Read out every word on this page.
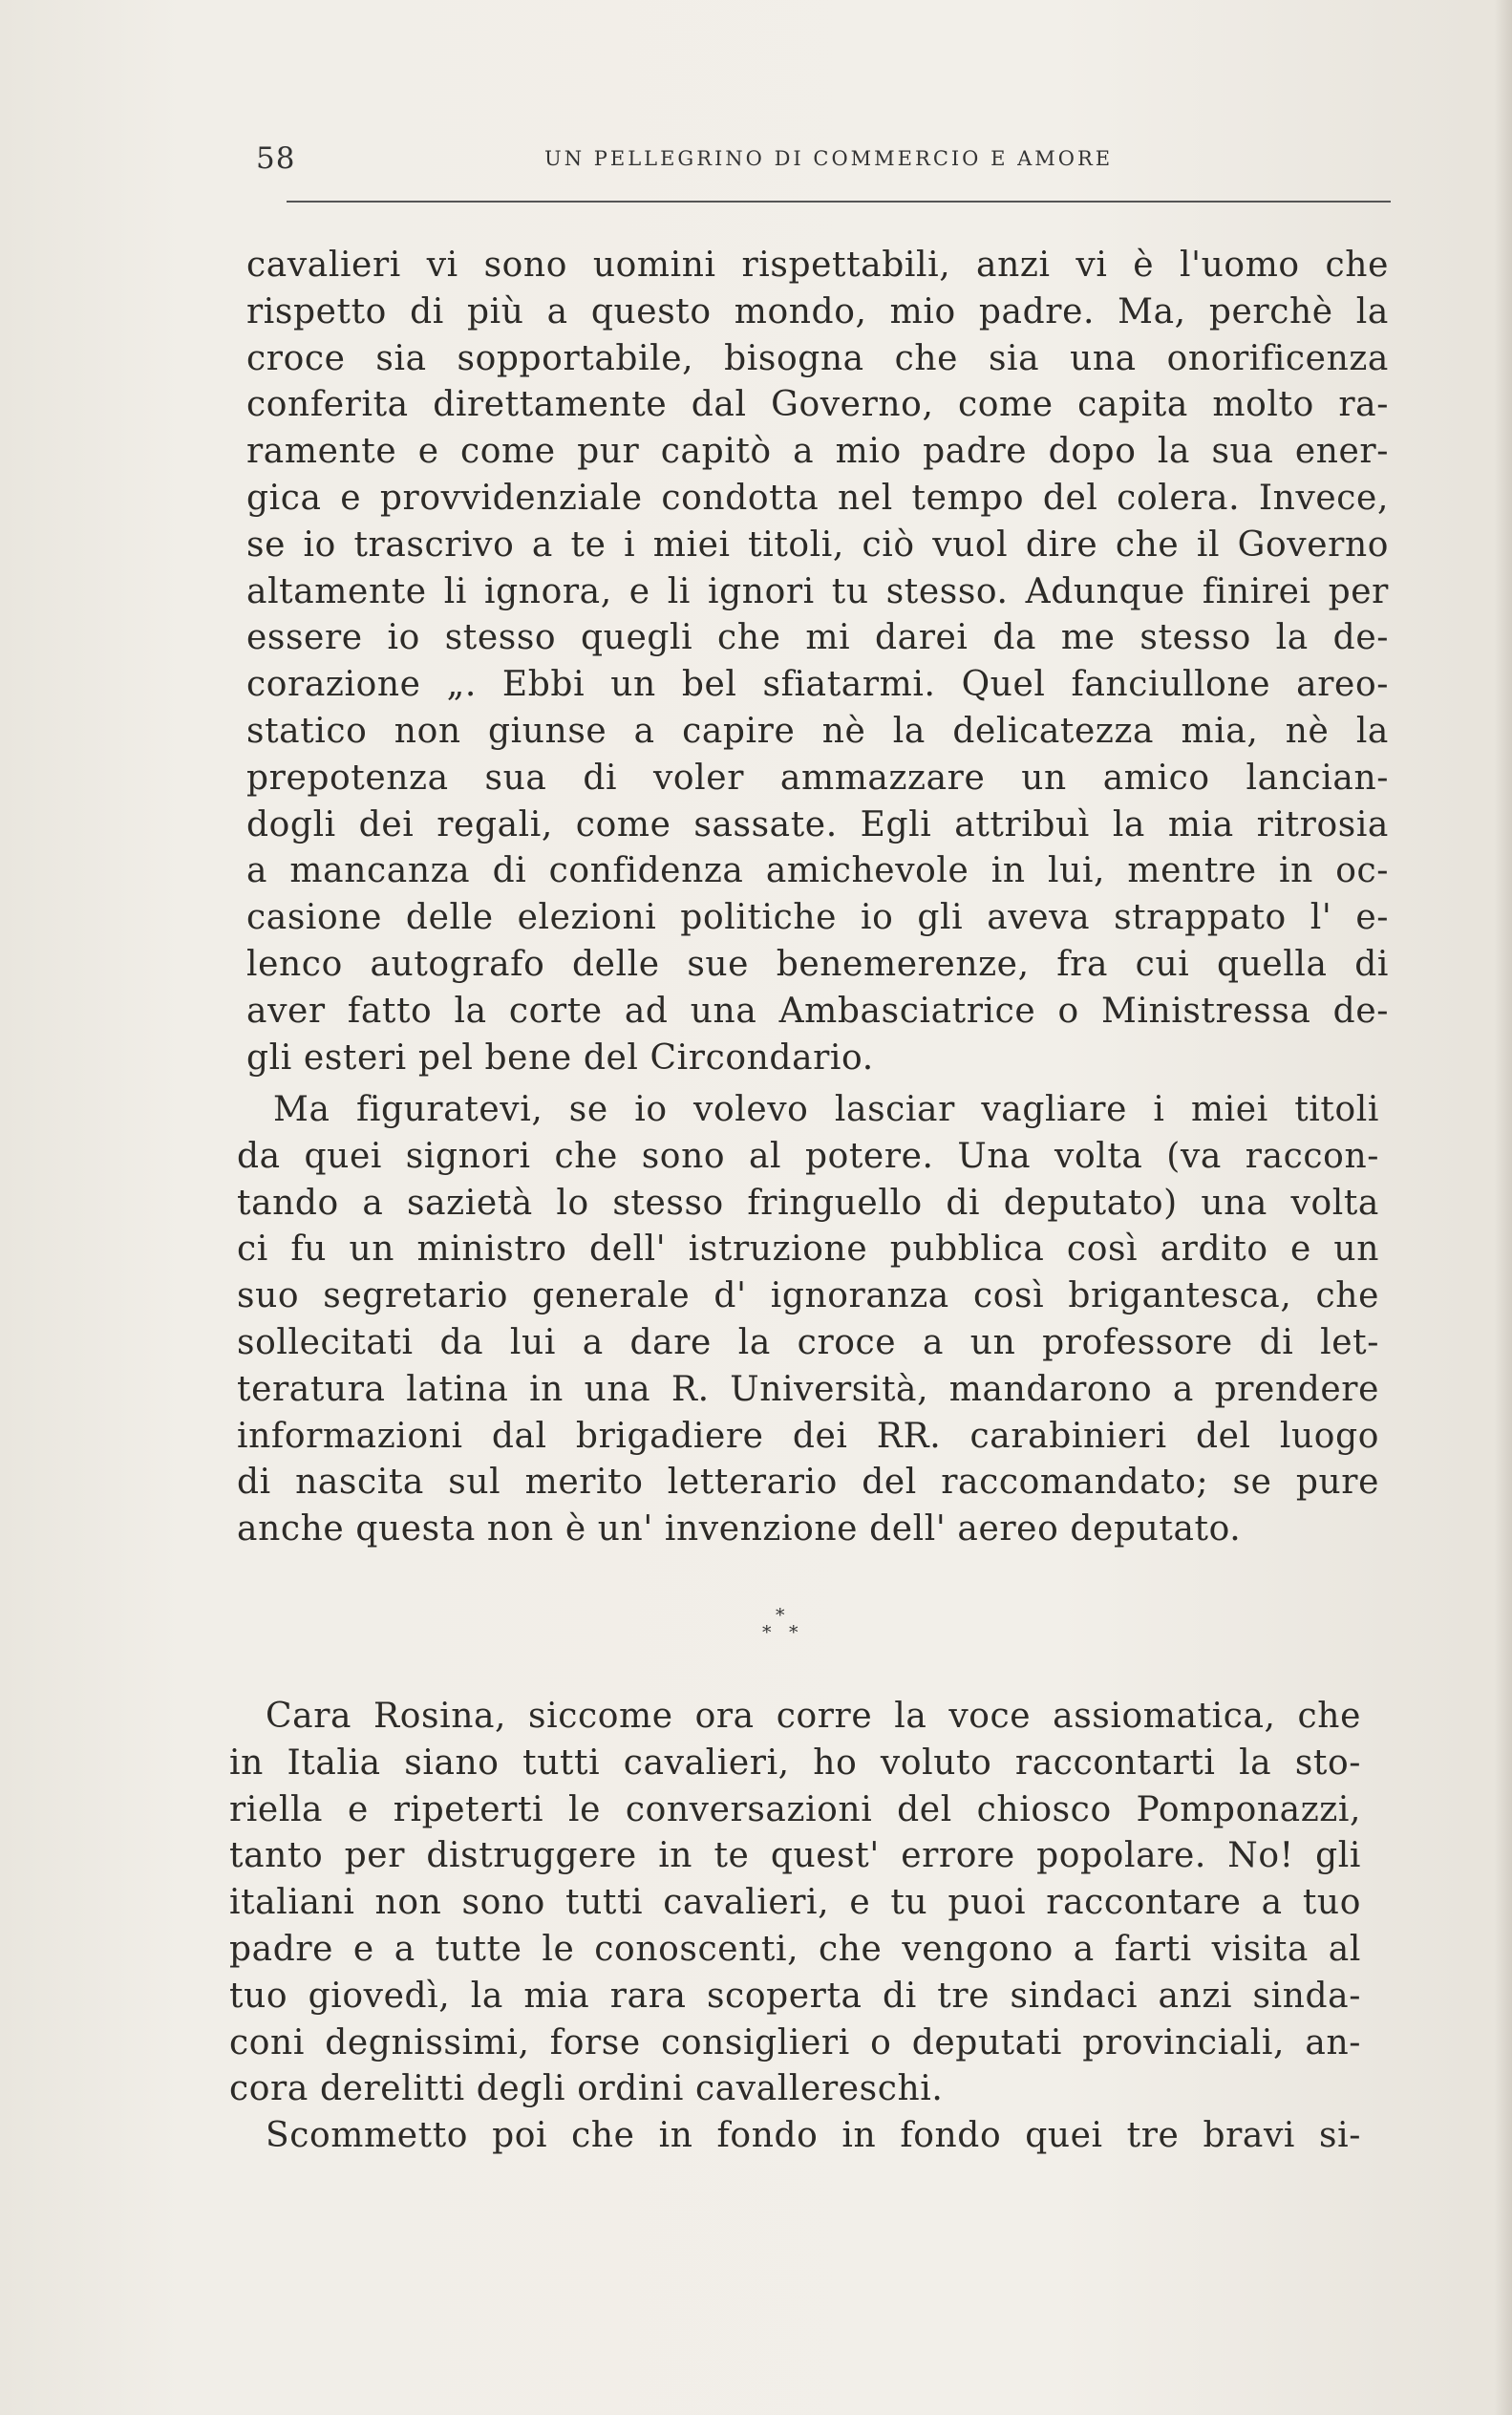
58	UN PELLEGRINO DI COMMERCIO E AMORE
cavalieri vi sono uomini rispettabili, anzi vi è l'uomo che
rispetto di più a questo mondo, mio padre. Ma, perchè la
croce sia sopportabile, bisogna che sia una onorificenza
conferita direttamente dal Governo, come capita molto ra-
ramente e come pur capitò a mio padre dopo la sua ener-
gica e provvidenziale condotta nel tempo del colera. Invece,
se io trascrivo a te i miei titoli, ciò vuol dire che il Governo
altamente li ignora, e li ignori tu stesso. Adunque finirei per
essere io stesso quegli che mi darei da me stesso la de-
corazione „. Ebbi un bel sfiatarmi. Quel fanciullone areo-
statico non giunse a capire nè la delicatezza mia, nè la
prepotenza sua di voler ammazzare un amico lancian-
dogli dei regali, come sassate. Egli attribuì la mia ritrosia
a mancanza di confidenza amichevole in lui, mentre in oc-
casione delle elezioni politiche io gli aveva strappato l' e-
lenco autografo delle sue benemerenze, fra cui quella di
aver fatto la corte ad una Ambasciatrice o Ministressa de-
gli esteri pel bene del Circondario.
Ma figuratevi, se io volevo lasciar vagliare i miei titoli
da quei signori che sono al potere. Una volta (va raccon-
tando a sazietà lo stesso fringuello di deputato) una volta
ci fu un ministro dell' istruzione pubblica così ardito e un
suo segretario generale d' ignoranza così brigantesca, che
sollecitati da lui a dare la croce a un professore di let-
teratura latina in una R. Università, mandarono a prendere
informazioni dal brigadiere dei RR. carabinieri del luogo
di nascita sul merito letterario del raccomandato; se pure
anche questa non è un' invenzione dell' aereo deputato.
*
* *
Cara Rosina, siccome ora corre la voce assiomatica, che
in Italia siano tutti cavalieri, ho voluto raccontarti la sto-
riella e ripeterti le conversazioni del chiosco Pomponazzi,
tanto per distruggere in te quest' errore popolare. No! gli
italiani non sono tutti cavalieri, e tu puoi raccontare a tuo
padre e a tutte le conoscenti, che vengono a farti visita al
tuo giovedì, la mia rara scoperta di tre sindaci anzi sinda-
coni degnissimi, forse consiglieri o deputati provinciali, an-
cora derelitti degli ordini cavallereschi.
Scommetto poi che in fondo in fondo quei tre bravi si-
